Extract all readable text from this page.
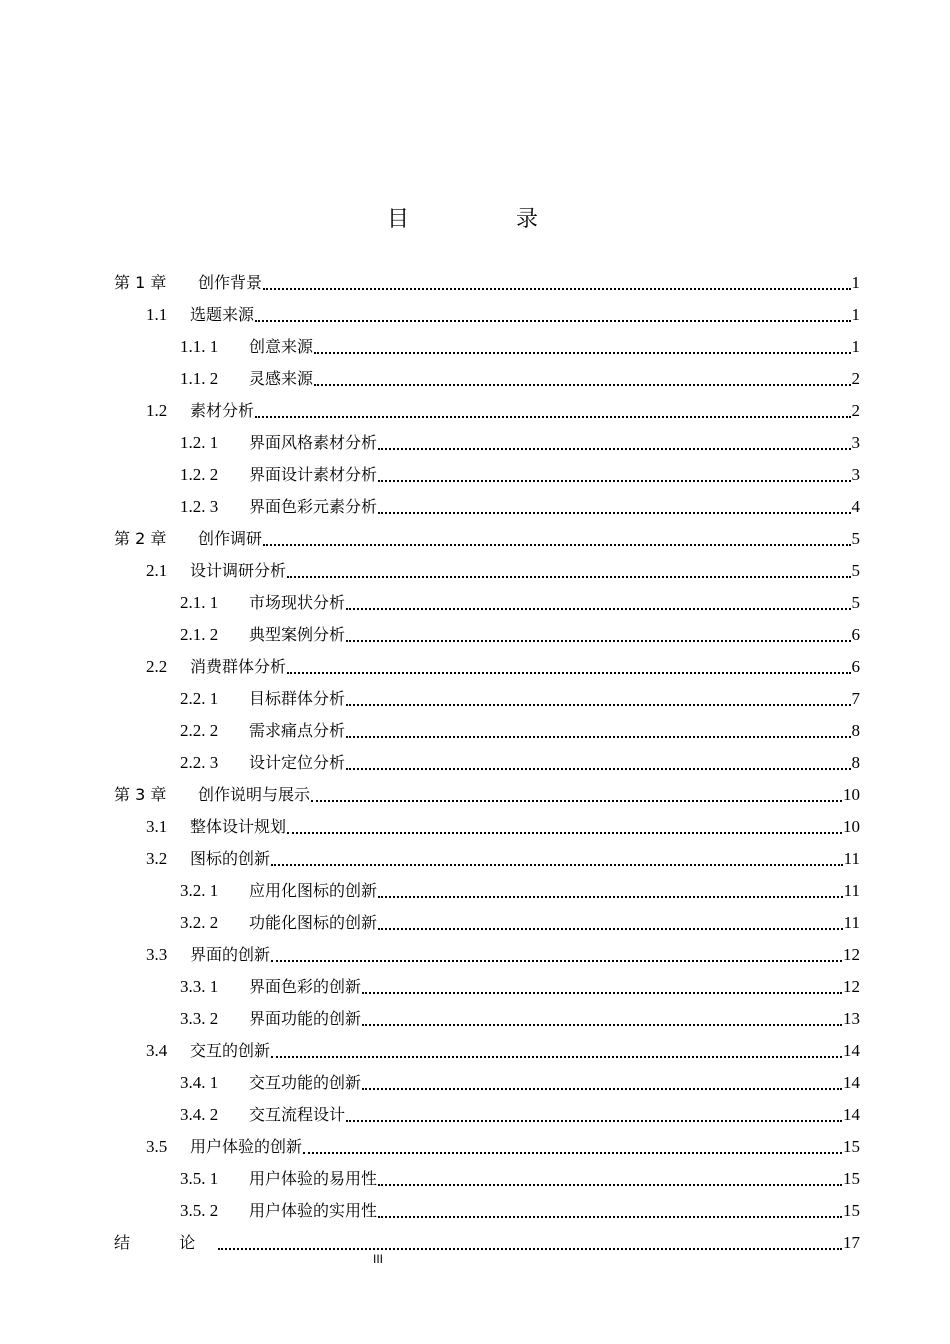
目 录
第 1 章	创作背景	1
1.1	选题来源	1
1.1. 1	创意来源	1
1.1. 2	灵感来源	2
1.2	素材分析	2
1.2. 1	界面风格素材分析	3
1.2. 2	界面设计素材分析	3
1.2. 3	界面色彩元素分析	4
第 2 章	创作调研	5
2.1	设计调研分析	5
2.1. 1	市场现状分析	5
2.1. 2	典型案例分析	6
2.2	消费群体分析	6
2.2. 1	目标群体分析	7
2.2. 2	需求痛点分析	8
2.2. 3	设计定位分析	8
第 3 章	创作说明与展示	10
3.1	整体设计规划	10
3.2	图标的创新	11
3.2. 1	应用化图标的创新	11
3.2. 2	功能化图标的创新	11
3.3	界面的创新	12
3.3. 1	界面色彩的创新	12
3.3. 2	界面功能的创新	13
3.4	交互的创新	14
3.4. 1	交互功能的创新	14
3.4. 2	交互流程设计	14
3.5	用户体验的创新	15
3.5. 1	用户体验的易用性	15
3.5. 2	用户体验的实用性	15
结 论	17
III
